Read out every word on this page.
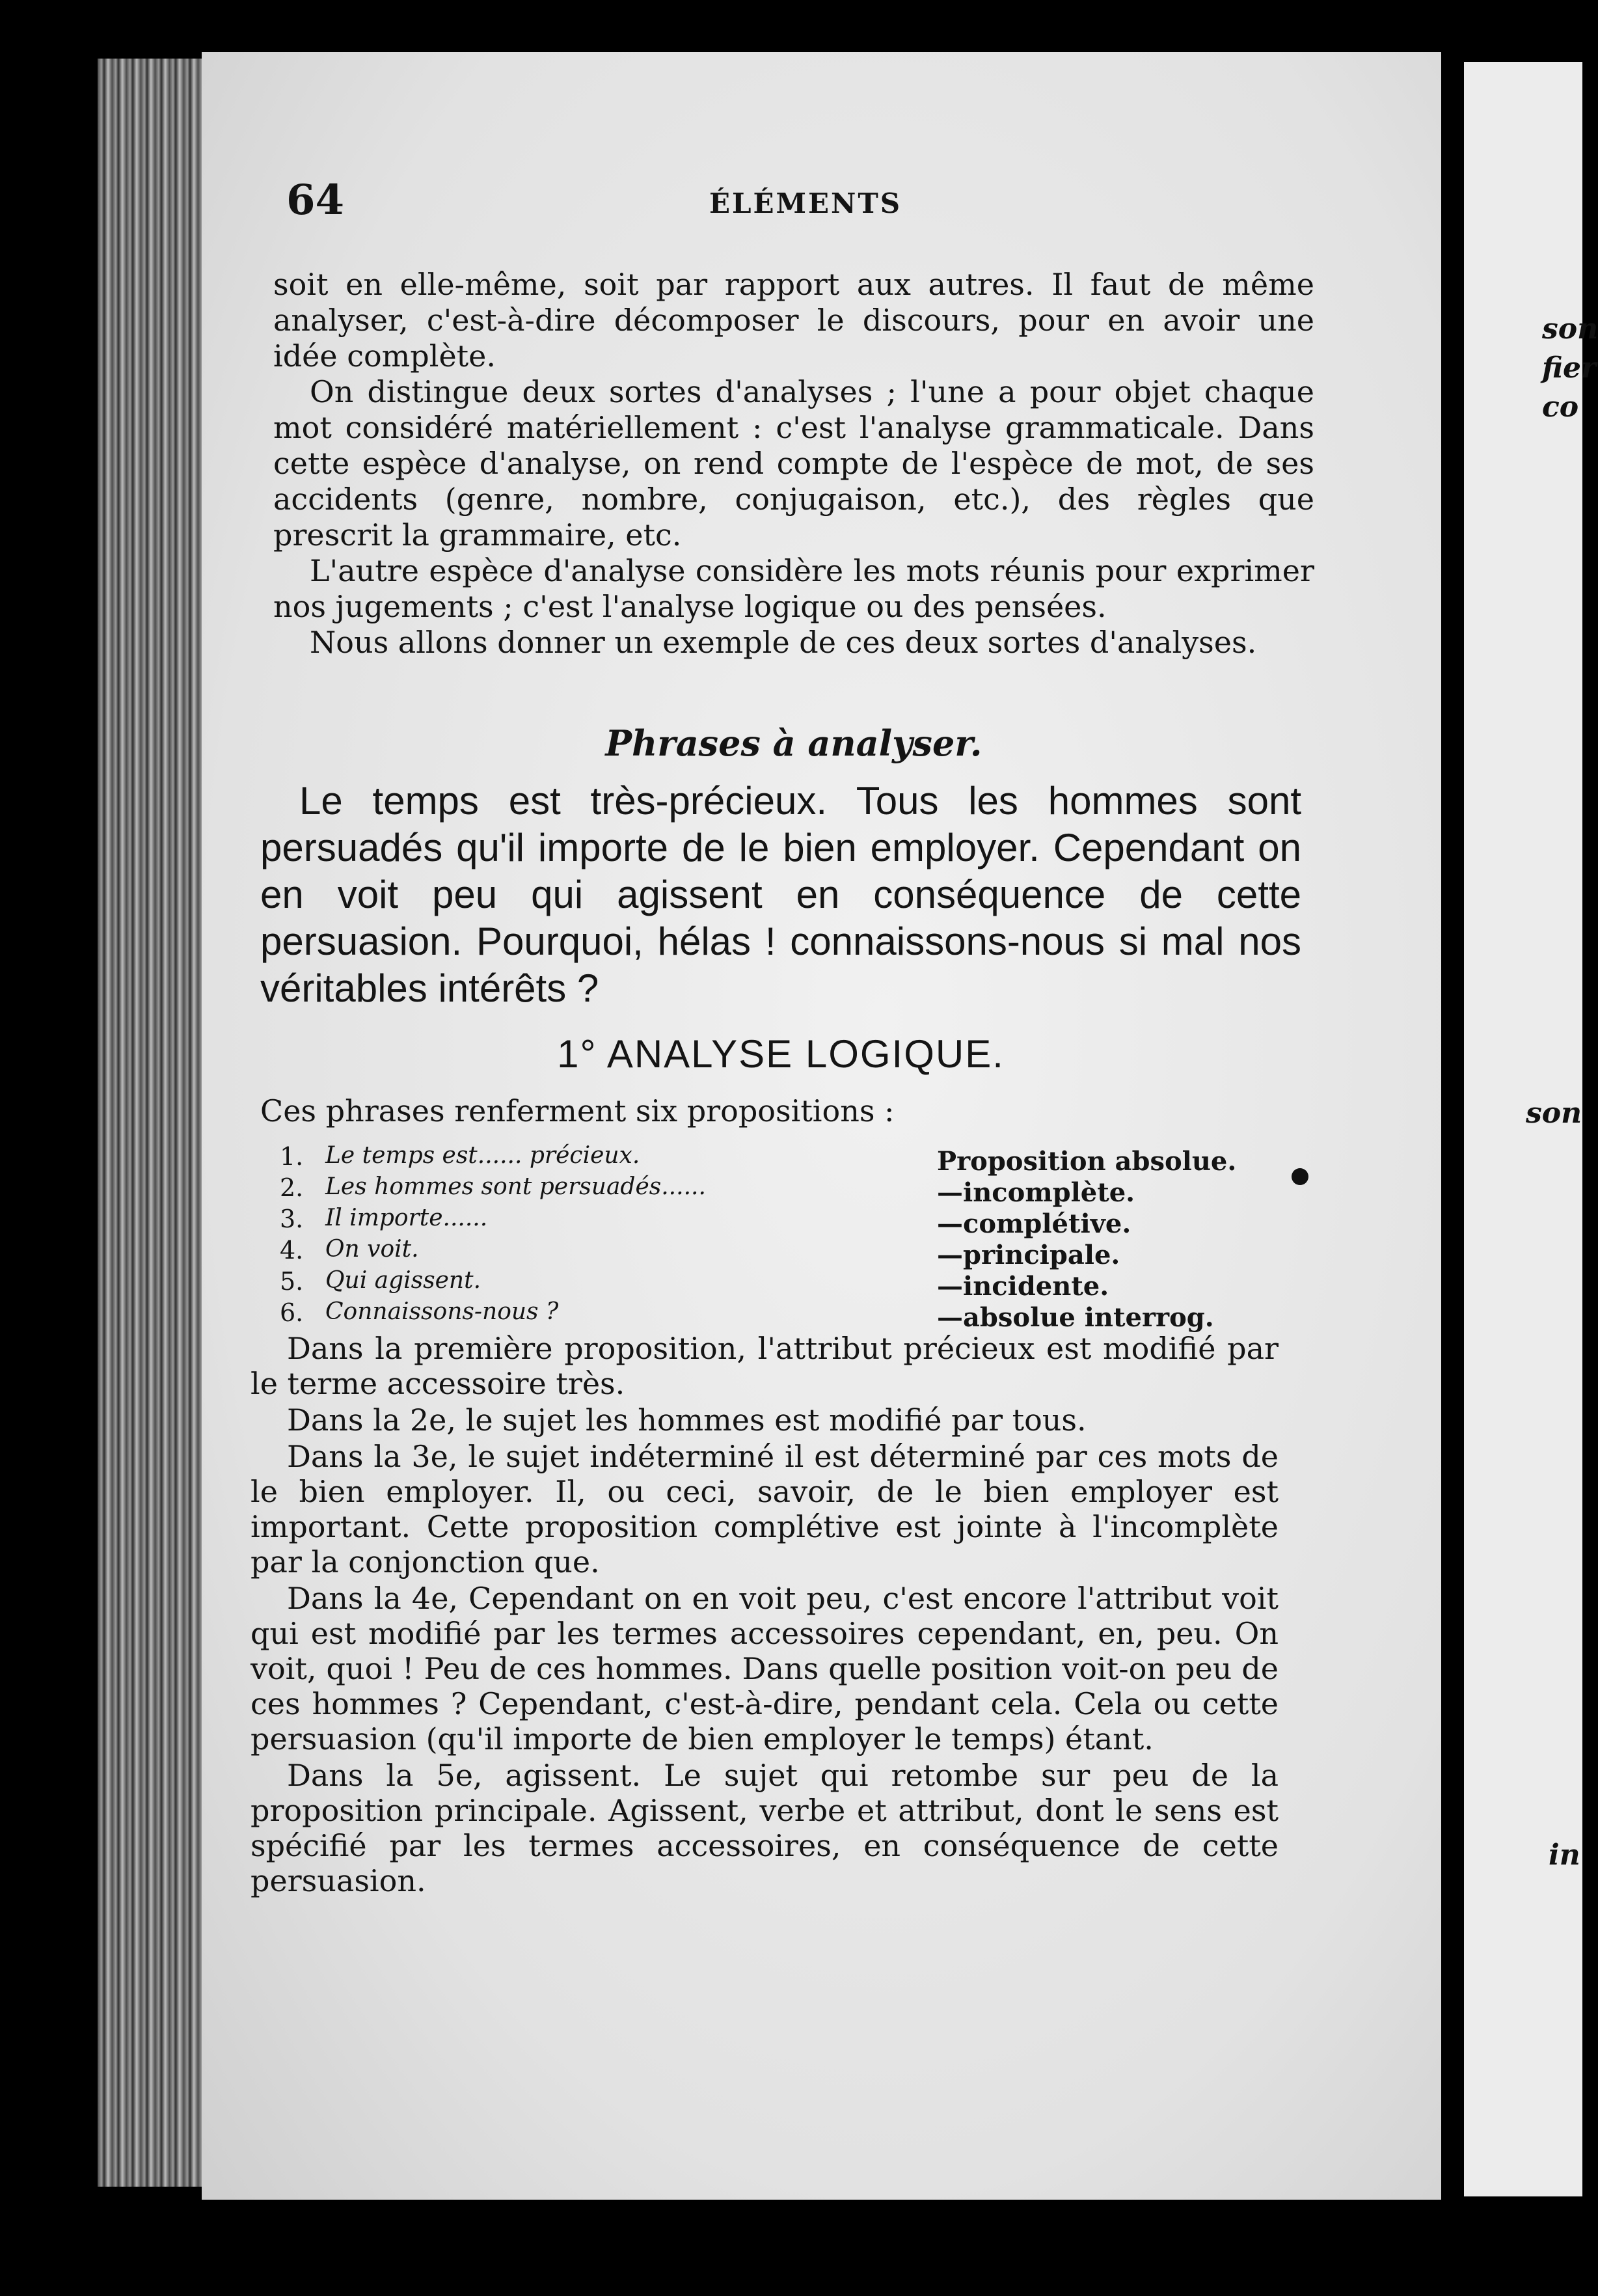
son
fier
co
son
in
64	ÉLÉMENTS

soit en elle-même, soit par rapport aux autres. Il faut de même analyser, c'est-à-dire décomposer le discours, pour en avoir une idée complète.

On distingue deux sortes d'analyses ; l'une a pour objet chaque mot considéré matériellement : c'est l'analyse grammaticale. Dans cette espèce d'analyse, on rend compte de l'espèce de mot, de ses accidents (genre, nombre, conjugaison, etc.), des règles que prescrit la grammaire, etc.

L'autre espèce d'analyse considère les mots réunis pour exprimer nos jugements ; c'est l'analyse logique ou des pensées.

Nous allons donner un exemple de ces deux sortes d'analyses.

Phrases à analyser.

Le temps est très-précieux. Tous les hommes sont persuadés qu'il importe de le bien employer. Cependant on en voit peu qui agissent en conséquence de cette persuasion. Pourquoi, hélas ! connaissons-nous si mal nos véritables intérêts ?

1° ANALYSE LOGIQUE.
Ces phrases renferment six propositions :
1. Le temps est...... précieux.	Proposition absolue.
2. Les hommes sont persuadés......	—incomplète.
3. Il importe......	—complétive.
4. On voit.	—principale.
5. Qui agissent.	—incidente.
6. Connaissons-nous ?	—absolue interrog.

Dans la première proposition, l'attribut précieux est modifié par le terme accessoire très.

Dans la 2e, le sujet les hommes est modifié par tous.

Dans la 3e, le sujet indéterminé il est déterminé par ces mots de le bien employer. Il, ou ceci, savoir, de le bien employer est important. Cette proposition complétive est jointe à l'incomplète par la conjonction que.

Dans la 4e, Cependant on en voit peu, c'est encore l'attribut voit qui est modifié par les termes accessoires cependant, en, peu. On voit, quoi ! Peu de ces hommes. Dans quelle position voit-on peu de ces hommes ? Cependant, c'est-à-dire, pendant cela. Cela ou cette persuasion (qu'il importe de bien employer le temps) étant.

Dans la 5e, agissent. Le sujet qui retombe sur peu de la proposition principale. Agissent, verbe et attribut, dont le sens est spécifié par les termes accessoires, en conséquence de cette persuasion.
